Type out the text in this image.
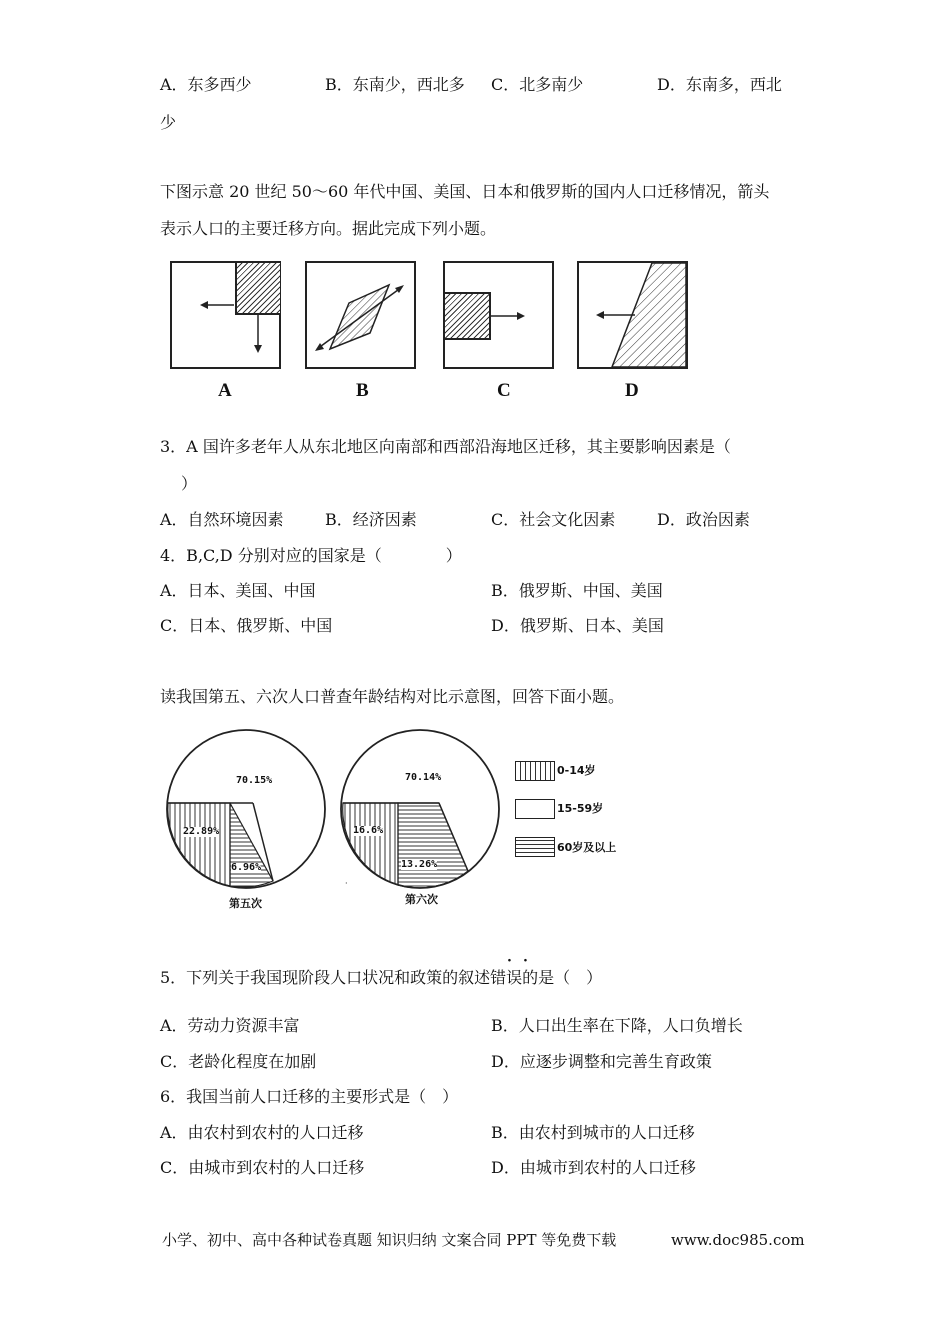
A．东多西少	B．东南少，西北多 C．北多南少	D．东南多，西北
少
下图示意 20 世纪 50～60 年代中国、美国、日本和俄罗斯的国内人口迁移情况，箭头
表示人口的主要迁移方向。据此完成下列小题。
A	B	C	D
3．A 国许多老年人从东北地区向南部和西部沿海地区迁移，其主要影响因素是（
）
A．自然环境因素	B．经济因素	C．社会文化因素	D．政治因素
4．B,C,D 分别对应的国家是（　　　　）
A．日本、美国、中国	B．俄罗斯、中国、美国
C．日本、俄罗斯、中国	D．俄罗斯、日本、美国
读我国第五、六次人口普查年龄结构对比示意图，回答下面小题。
70.15%
22.89%
6.96%
第五次
70.14%
16.6%
13.26%
第六次
·
0-14岁
15-59岁
60岁及以上
· ·
5．下列关于我国现阶段人口状况和政策的叙述错误的是（　）
A．劳动力资源丰富	B．人口出生率在下降，人口负增长
C．老龄化程度在加剧	D．应逐步调整和完善生育政策
6．我国当前人口迁移的主要形式是（　）
A．由农村到农村的人口迁移	B．由农村到城市的人口迁移
C．由城市到农村的人口迁移	D．由城市到农村的人口迁移
小学、初中、高中各种试卷真题 知识归纳 文案合同 PPT 等免费下载	www.doc985.com
